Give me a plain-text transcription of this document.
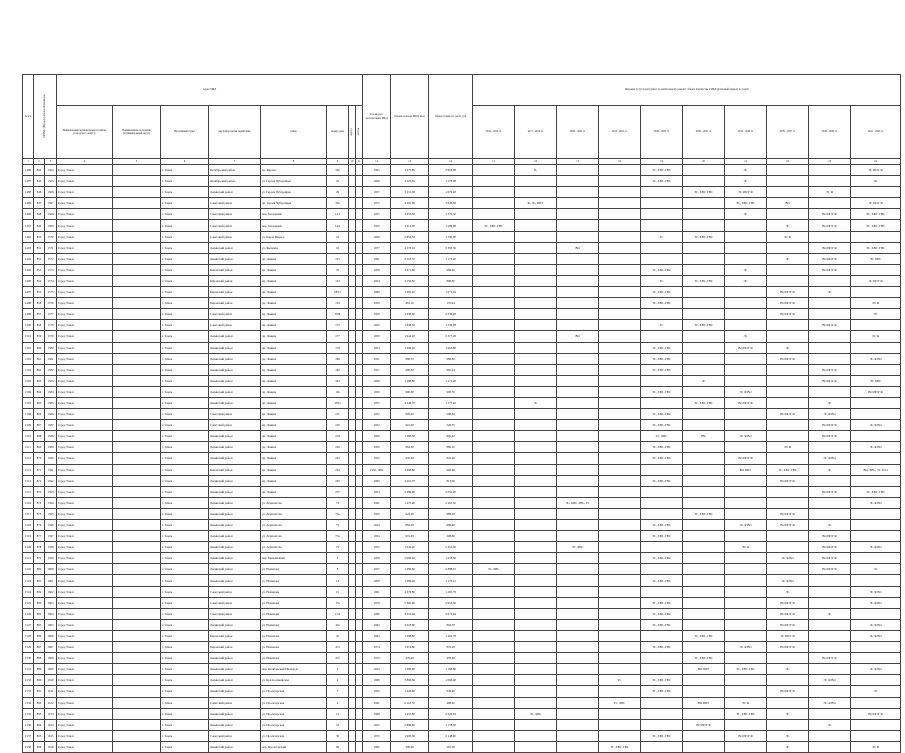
№ п/п	ОКТМО (Муниципальное образование)		Адрес МКД								Год ввода в эксплуатацию МКД	Общая площадь МКД, кв.м	Общая стоимость работ, руб	Перечень услуг и (или) работ по капитальному ремонту общего имущества в МКД (плановый период) по годам									
			Наименование муниципального района (городского округа)	Наименование поселения (муниципальный округ)	Населённый пункт	внутригородская территория	улица	номер дома	корпус	литера				2014 - 2016 гг.	2017 - 2019 гг.	2020 - 2022 гг.	2023 - 2025 гг.	2026 - 2028 гг.	2029 - 2031 гг.	2032 - 2034 гг.	2035 - 2037 гг.	2038 - 2040 гг.	2041 - 2043 гг.
1	2	3	4	5	6	7	8	9	10	11	12	13	14	15	16	17	18	19	20	21	22	23	24
1486	844	1564	Город Томск		г. Томск	Октябрьский район	пр. Кирова	58а			1965	3 175,80	2 963,08		Ц.			ТС, ХВС, ГВС		ЭС			ЭС ППУ Ф
1487	845	1565	Город Томск		г. Томск	Октябрьский район	ул. Героев Чубаровцев	25			1959	3 125,30	1 576,08					ТС, ХВС, ГВС		ЭС			ЭС
1488	846	1566	Город Томск		г. Томск	Ленинский район	ул. Героев Чубаровцев	29			1957	3 131,90	1 076,48						ТС, ХВС, ГВС	ЭС ППУ Ф		ЭС Ф	
1489	847	1567	Город Томск		г. Томск	Советский район	пр. Героев Чубаровцев	34а			1972	4 295,00	3 843,58		Ф, ЭС, ППУ					ЭС, ХВС, ГВС	ВО		ЭС ППУ Ф
1490	848	1568	Город Томск		г. Томск	Советский район	пер. Заозерный	14/1			1955	3 255,30	1 370,30							ЭС		ВО ППУ Ф	ЭС, ХВС, ГВС
1491	849	1569	Город Томск		г. Томск	Советский район	пер. Заозерный	14/2			1956	3 214,20	1 299,68	ЭС, ХВС, ГВС							ЭС	ВО ППУ Ф	ЭС, ХВС, ГВС
1492	850	1570	Город Томск		г. Томск	Советский район	ул. Карла Маркса	52			1956	2 856,50	1 339,00					ТС	ТС, ХВС, ГВС		ЭС Ф		
1493	851	1571	Город Томск		г. Томск	Ленинский район	ул. Яковлева	16			1977	4 176,10	3 383,30			ВО						ВО ППУ Ф	ЭС, ХВС, ГВС
1494	852	1572	Город Томск		г. Томск	Ленинский район	пр. Ленина	125			1961	2 118,70	1 173,40								ЭС	ВО ППУ Ф	ЭС ХВС
1495	853	1573	Город Томск		г. Томск	Кировский район	пр. Ленина	76			1958	3 271,80	986,00					ТС, ХВС, ГВС		ЭС		ВО ППУ Ф	
1496	854	1574	Город Томск		г. Томск	Кировский район	пр. Ленина	134			1954	3 156,50	896,56					ТС	ТС, ХВС, ГВС	ЭС			ЭС ППУ Ф
1497	855	1575	Город Томск		г. Томск	Кировский район	пр. Ленина	183/1			1989	1 995,20	1 071,04					ТС, ХВС, ГВС			ВО ППУ Ф	ЭС	
1498	856	1576	Город Томск		г. Томск	Кировский район	пр. Ленина	134			1959	481,10	176,94					ТС, ХВС, ГВС			ВО ППУ Ф		ЭС Ф
1499	857	1577	Город Томск		г. Томск	Советский район	пр. Ленина	39/Б			1958	1 938,40	2 036,48								ВО ППУ Ф		ЭС
1500	858	1578	Город Томск		г. Томск	Советский район	пр. Ленина	175			1950	1 836,50	1 236,08					ТС	ТС, ХВС, ГВС			ВО ППУ Ф	
1501	859	1579	Город Томск		г. Томск	Ленинский район	пр. Ленина	177			1958	1 944,20	2 377,28			ВО				ЭС			ЭС Ф
1502	860	1580	Город Томск		г. Томск	Ленинский район	пр. Ленина	179			1954	1 996,40	1 963,88					ТС, ХВС, ГВС		ВО ППУ Ф	ЭС		
1503	861	1581	Город Томск		г. Томск	Ленинский район	пр. Ленина	180			1951	890,70	986,36					ТС, ХВС, ГВС			ВО ППУ Ф		ЭС Ф ВО
1504	862	1582	Город Томск		г. Томск	Ленинский район	пр. Ленина	192			1957	980,50	965,44					ТС, ХВС, ГВС				ВО ППУ Ф	
1505	863	1583	Город Томск		г. Томск	Ленинский район	пр. Ленина	194			1956	1 180,80	1 471,28						ЭС			ВО ППУ Ф	ЭС ХВС
1506	864	1584	Город Томск		г. Томск	Ленинский район	пр. Ленина	19а			1959	990,00	995,70					ТС, ХВС, ГВС		ЭС Ф ВО			ВО ППУ Ф
1507	865	1585	Город Томск		г. Томск	Ленинский район	пр. Ленина	283а			1955	4 246,70	1 577,92		Ф				ТС, ХВС, ГВС	ВО ППУ Ф		ЭС	
1508	866	1586	Город Томск		г. Томск	Советский район	пр. Ленина	211			1952	996,40	598,64					ТС, ХВС, ГВС			ВО ППУ Ф	ЭС Ф ВО	
1509	867	1587	Город Томск		г. Томск	Советский район	пр. Ленина	216			1952	910,00	526,76					ТС, ХВС, ГВС				ВО ППУ Ф	ЭС Ф ВО
1510	868	1588	Город Томск		г. Томск	Ленинский район	пр. Ленина	218			1956	1 190,50	895,62					ТС, ХВС	ГВС	ЭС Ф ВО		ВО ППУ Ф	
1511	869	1589	Город Томск		г. Томск	Ленинский район	пр. Ленина	220			1950	894,30	886,10					ТС, ХВС, ГВС			ЭС Ф		ЭС Ф ВО
1512	870	1590	Город Томск		г. Томск	Ленинский район	пр. Ленина	222			1952	950,90	845,20					ТС, ХВС, ГВС		ВО ППУ Ф		ЭС Ф ВО	
1513	871	1591	Город Томск		г. Томск	Кировский район	пр. Ленина	224			1950, 1994	3 298,80	966,68							ВО ППУ	ТС, ХВС, ГВС	ЭС	ВО, ХВС, ЭС 2014
1514	872	1592	Город Томск		г. Томск	Ленинский район	пр. Ленина	235			1965	4 291,70	813,96					ТС, ХВС, ГВС			ВО ППУ Ф		
1515	873	1593	Город Томск		г. Томск	Ленинский район	пр. Ленина	237			1954	2 489,90	2 052,20									ВО ППУ Ф	ТС, ХВС, ГВС
1516	874	1594	Город Томск		г. Томск	Ленинский район	ул. Лермонтова	73			1961	1 475,90	2 291,30			ЭС, ХВС, ГВС, ТС							ЭС Ф ВО
1517	875	1595	Город Томск		г. Томск	Ленинский район	ул. Лермонтова	73а			1959	924,90	988,20						ТС, ХВС, ГВС		ВО ППУ Ф		
1518	876	1596	Город Томск		г. Томск	Ленинский район	ул. Лермонтова	75			1954	884,00	886,40					ТС, ХВС, ГВС		ЭС Ф ВО	ВО ППУ Ф	ЭС	
1519	877	1597	Город Томск		г. Томск	Ленинский район	ул. Лермонтова	75а			1954	974,00	298,60					ТС, ХВС, ГВС				ВО ППУ Ф	
1520	878	1598	Город Томск		г. Томск	Ленинский район	ул. Лермонтова	79			1952	1 045,20	2 361,50			ЭС, ХВС				ЭС Ф		ВО ППУ Ф	ЭС Ф ВО
1521	879	1599	Город Томск		г. Томск	Ленинский район	пер. Мельничный	5			1958	2 090,40	1 078,56					ТС, ХВС, ГВС			ЭС Ф ВО	ВО ППУ Ф	
1522	880	1600	Город Томск		г. Томск	Ленинский район	ул. Нахимова	8			1957	1 386,60	2 888,10	ЭС, ХВС								ВО ППУ Ф	ЭС
1523	881	1601	Город Томск		г. Томск	Ленинский район	ул. Нахимова	13			1958	1 386,40	1 172,12					ТС, ХВС, ГВС			ЭС Ф ВО		
1524	882	1602	Город Томск		г. Томск	Советский район	ул. Нахимова	15			1961	4 376,80	1 295,78								ЭС		ЭС Ф ВО
1525	883	1603	Город Томск		г. Томск	Советский район	ул. Нахимова	15а			1978	5 360,00	2 091,36					ТС, ХВС, ГВС			ВО ППУ Ф		ЭС Ф ВО
1526	884	1604	Город Томск		г. Томск	Советский район	ул. Нахимова	15/2			1966	3 153,40	2 072,04					ТС, ХВС, ГВС			ВО ППУ Ф	ЭС	
1527	885	1605	Город Томск		г. Томск	Ленинский район	ул. Нахимова	43а			1963	3 018,80	863,78					ТС, ХВС, ГВС			ВО ППУ Ф		ЭС Ф ВО
1528	886	1606	Город Томск		г. Томск	Кировский район	ул. Нахимова	45			1964	1 308,80	1 402,78						ТС, ХВС, ГВС		ЭС ППУ Ф		ЭС Ф ВО
1529	887	1607	Город Томск		г. Томск	Кировский район	ул. Нахимова	47а			1974	1 974,80	876,28					ТС, ХВС, ГВС		ЭС Ф ВО	ВО ППУ Ф		
1530	888	1608	Город Томск		г. Томск	Ленинский район	ул. Нахимова	47б			1970	479,00	478,60						ТС, ХВС, ГВС			ВО ППУ Ф	
1531	889	1609	Город Томск		г. Томск	Ленинский район	пер. Октябрьский Пионеров	1			1953	1 380,90	1 160,86						ВО ППУ	ТС, ХВС, ГВС	ЭС		ЭС Ф ВО
1532	890	1610	Город Томск		г. Томск	Ленинский район	ул. Красноармейская	2			1968	3 866,60	1 060,48				ТС	ТС, ХВС, ГВС				ЭС Ф ВО	
1533	891	1611	Город Томск		г. Томск	Ленинский район	ул. Пролетарская	7			1959	1 426,60	949,20					ТС, ХВС, ГВС			ВО ППУ Ф		ЭС
1534	892	1612	Город Томск		г. Томск	Советский район	ул. Пролетарская	4			1941	6 118,70	498,00				ТС, ХВС		ВО ППУ	ЭС Ф		ЭС Ф ВО	
1535	893	1613	Город Томск		г. Томск	Ленинский район	ул. Пролетарская	21			1968	1 431,80	2 026,94		ЭС, ХВС					ТС, ХВС, ГВС	ЭС		ВО ППУ Ф
1536	894	1614	Город Томск		г. Томск	Ленинский район	ул. Пролетарская	33			1952	2 899,60	1 178,30						ВО ППУ Ф			ЭС	
1537	895	1615	Город Томск		г. Томск	Советский район	ул. Пролетарская	39			1970	1 900,30	2 148,40					ТС, ХВС, ГВС		ВО ППУ Ф	ЭС		
1538	896	1616	Город Томск		г. Томск	Ленинский район	пер. Пролетарский	69			1960	300,00	265,00				ТС, ХВС, ГВС				ЭС		ЭС Ф
